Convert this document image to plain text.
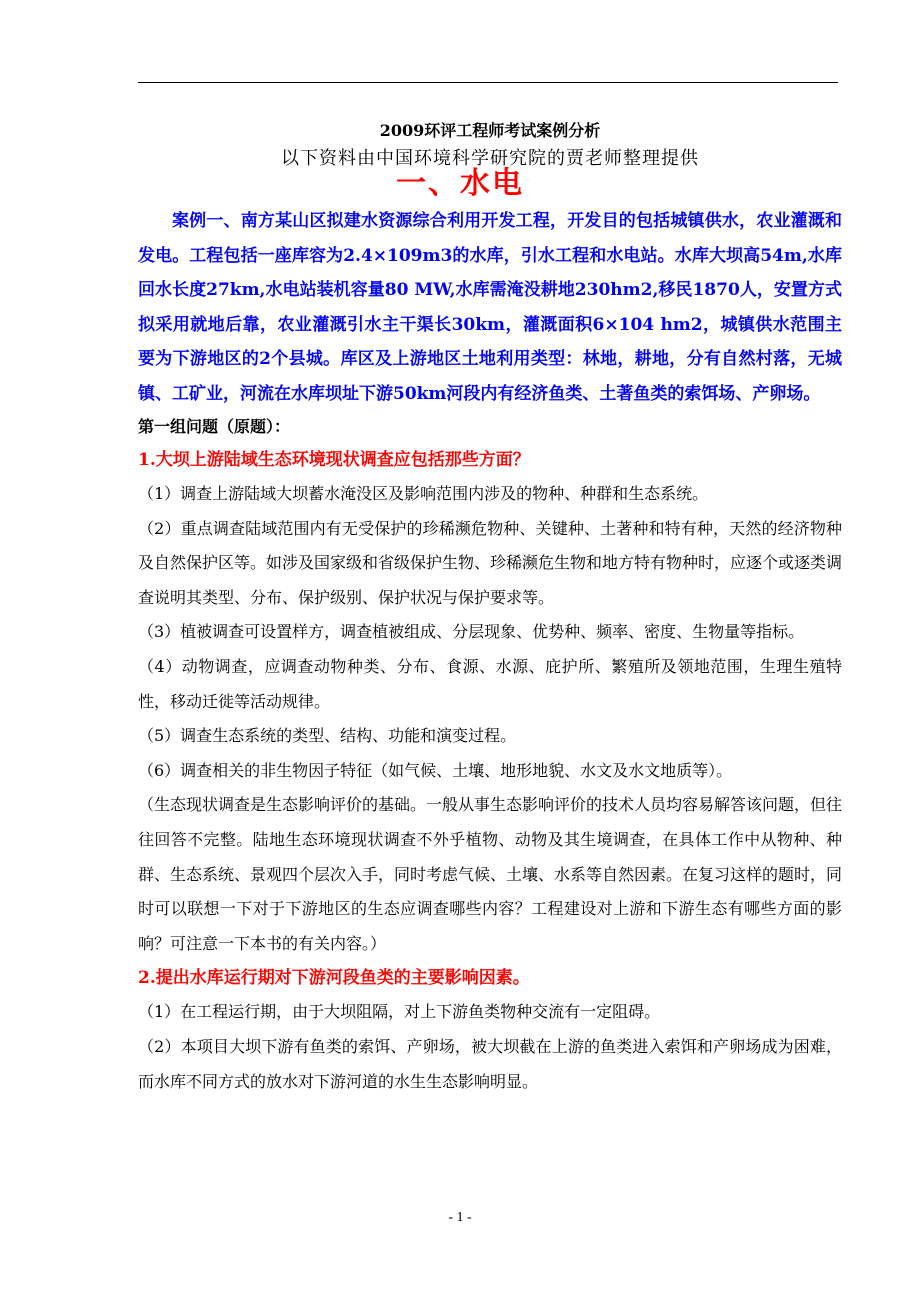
2009环评工程师考试案例分析

以下资料由中国环境科学研究院的贾老师整理提供

一、水电

案例一、南方某山区拟建水资源综合利用开发工程，开发目的包括城镇供水，农业灌溉和发电。工程包括一座库容为2.4×109m3的水库，引水工程和水电站。水库大坝高54m,水库回水长度27km,水电站装机容量80 MW,水库需淹没耕地230hm2,移民1870人，安置方式拟采用就地后靠，农业灌溉引水主干渠长30km，灌溉面积6×104 hm2，城镇供水范围主要为下游地区的2个县城。库区及上游地区土地利用类型：林地，耕地，分有自然村落，无城镇、工矿业，河流在水库坝址下游50km河段内有经济鱼类、土著鱼类的索饵场、产卵场。

第一组问题（原题）：

1.大坝上游陆域生态环境现状调查应包括那些方面？

（1）调查上游陆域大坝蓄水淹没区及影响范围内涉及的物种、种群和生态系统。

（2）重点调查陆域范围内有无受保护的珍稀濒危物种、关键种、土著种和特有种，天然的经济物种及自然保护区等。如涉及国家级和省级保护生物、珍稀濒危生物和地方特有物种时，应逐个或逐类调查说明其类型、分布、保护级别、保护状况与保护要求等。

（3）植被调查可设置样方，调查植被组成、分层现象、优势种、频率、密度、生物量等指标。

（4）动物调查，应调查动物种类、分布、食源、水源、庇护所、繁殖所及领地范围，生理生殖特性，移动迁徙等活动规律。

（5）调查生态系统的类型、结构、功能和演变过程。

（6）调查相关的非生物因子特征（如气候、土壤、地形地貌、水文及水文地质等）。

（生态现状调查是生态影响评价的基础。一般从事生态影响评价的技术人员均容易解答该问题，但往往回答不完整。陆地生态环境现状调查不外乎植物、动物及其生境调查，在具体工作中从物种、种群、生态系统、景观四个层次入手，同时考虑气候、土壤、水系等自然因素。在复习这样的题时，同时可以联想一下对于下游地区的生态应调查哪些内容？工程建设对上游和下游生态有哪些方面的影响？可注意一下本书的有关内容。）

2.提出水库运行期对下游河段鱼类的主要影响因素。

（1）在工程运行期，由于大坝阻隔，对上下游鱼类物种交流有一定阻碍。

（2）本项目大坝下游有鱼类的索饵、产卵场，被大坝截在上游的鱼类进入索饵和产卵场成为困难，而水库不同方式的放水对下游河道的水生生态影响明显。

- 1 -
